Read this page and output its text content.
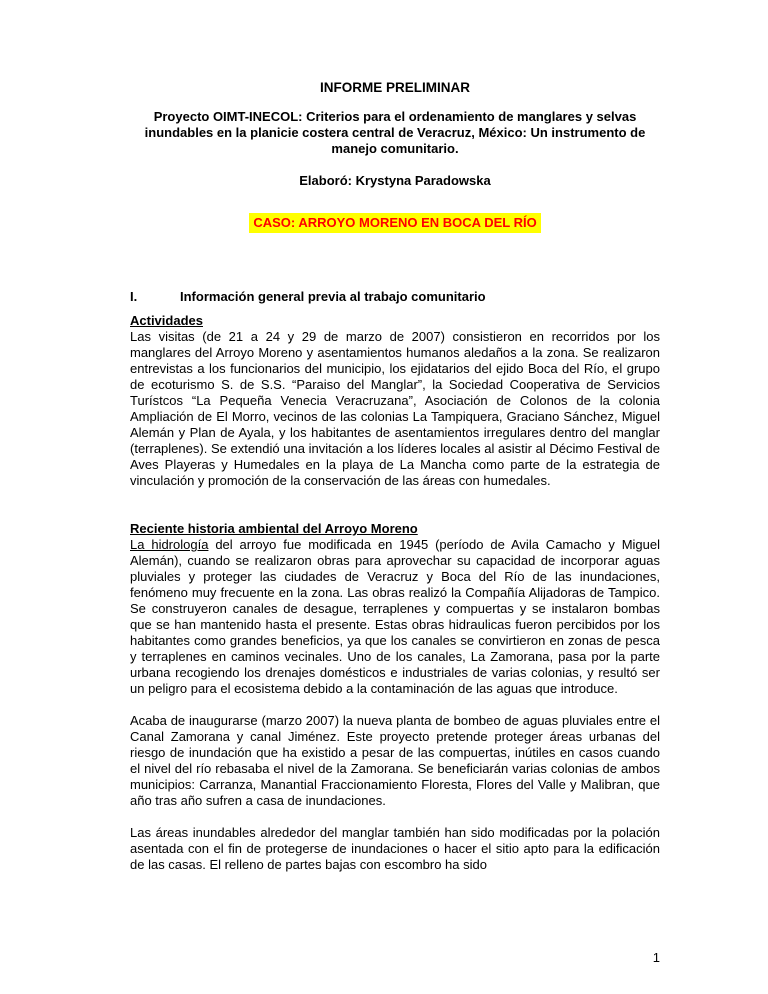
INFORME PRELIMINAR

Proyecto OIMT-INECOL: Criterios para el ordenamiento de manglares y selvas inundables en la planicie costera central de Veracruz, México: Un instrumento de manejo comunitario.

Elaboró: Krystyna Paradowska

CASO: ARROYO MORENO EN BOCA DEL RÍO
I.	Información general previa al trabajo comunitario
Actividades

Las visitas (de 21 a 24 y 29 de marzo de 2007) consistieron en recorridos por los manglares del Arroyo Moreno y asentamientos humanos aledaños a la zona. Se realizaron entrevistas a los funcionarios del municipio, los ejidatarios del ejido Boca del Río, el grupo de ecoturismo S. de S.S. “Paraiso del Manglar”, la Sociedad Cooperativa de Servicios Turístcos “La Pequeña Venecia Veracruzana”, Asociación de Colonos de la colonia Ampliación de El Morro, vecinos de las colonias La Tampiquera, Graciano Sánchez, Miguel Alemán y Plan de Ayala, y los habitantes de asentamientos irregulares dentro del manglar (terraplenes). Se extendió una invitación a los líderes locales al asistir al Décimo Festival de Aves Playeras y Humedales en la playa de La Mancha como parte de la estrategia de vinculación y promoción de la conservación de las áreas con humedales.

Reciente historia ambiental del Arroyo Moreno

La hidrología del arroyo fue modificada en 1945 (período de Avila Camacho y Miguel Alemán), cuando se realizaron obras para aprovechar su capacidad de incorporar aguas pluviales y proteger las ciudades de Veracruz y Boca del Río de las inundaciones, fenómeno muy frecuente en la zona. Las obras realizó la Compañía Alijadoras de Tampico. Se construyeron canales de desague, terraplenes y compuertas y se instalaron bombas que se han mantenido hasta el presente. Estas obras hidraulicas fueron percibidos por los habitantes como grandes beneficios, ya que los canales se convirtieron en zonas de pesca y terraplenes en caminos vecinales. Uno de los canales, La Zamorana, pasa por la parte urbana recogiendo los drenajes domésticos e industriales de varias colonias, y resultó ser un peligro para el ecosistema debido a la contaminación de las aguas que introduce.

Acaba de inaugurarse (marzo 2007) la nueva planta de bombeo de aguas pluviales entre el Canal Zamorana y canal Jiménez. Este proyecto pretende proteger áreas urbanas del riesgo de inundación que ha existido a pesar de las compuertas, inútiles en casos cuando el nivel del río rebasaba el nivel de la Zamorana. Se beneficiarán varias colonias de ambos municipios: Carranza, Manantial Fraccionamiento Floresta, Flores del Valle y Malibran, que año tras año sufren a casa de inundaciones.

Las áreas inundables alrededor del manglar también han sido modificadas por la polación asentada con el fin de protegerse de inundaciones o hacer el sitio apto para la edificación de las casas. El relleno de partes bajas con escombro ha sido

1
